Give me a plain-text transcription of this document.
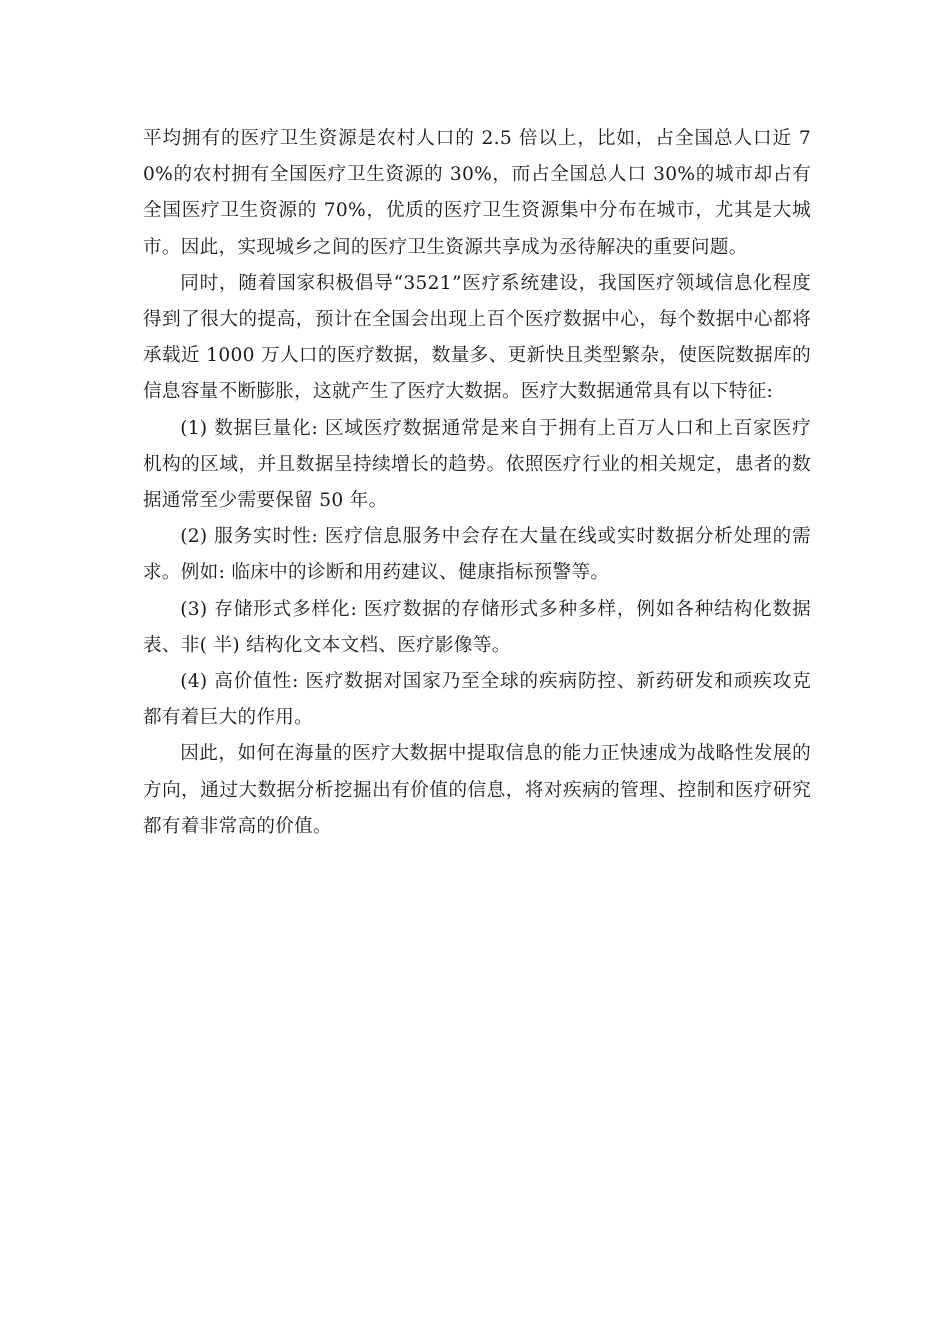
平均拥有的医疗卫生资源是农村人口的 2.5 倍以上，比如，占全国总人口近 70%的农村拥有全国医疗卫生资源的 30%，而占全国总人口 30%的城市却占有全国医疗卫生资源的 70%，优质的医疗卫生资源集中分布在城市，尤其是大城市。因此，实现城乡之间的医疗卫生资源共享成为丞待解决的重要问题。

同时，随着国家积极倡导“3521”医疗系统建设，我国医疗领域信息化程度得到了很大的提高，预计在全国会出现上百个医疗数据中心，每个数据中心都将承载近 1000 万人口的医疗数据，数量多、更新快且类型繁杂，使医院数据库的信息容量不断膨胀，这就产生了医疗大数据。医疗大数据通常具有以下特征:

(1) 数据巨量化: 区域医疗数据通常是来自于拥有上百万人口和上百家医疗机构的区域，并且数据呈持续增长的趋势。依照医疗行业的相关规定，患者的数据通常至少需要保留 50 年。

(2) 服务实时性: 医疗信息服务中会存在大量在线或实时数据分析处理的需求。例如: 临床中的诊断和用药建议、健康指标预警等。

(3) 存储形式多样化: 医疗数据的存储形式多种多样，例如各种结构化数据表、非( 半) 结构化文本文档、医疗影像等。

(4) 高价值性: 医疗数据对国家乃至全球的疾病防控、新药研发和顽疾攻克都有着巨大的作用。

因此，如何在海量的医疗大数据中提取信息的能力正快速成为战略性发展的方向，通过大数据分析挖掘出有价值的信息，将对疾病的管理、控制和医疗研究都有着非常高的价值。
